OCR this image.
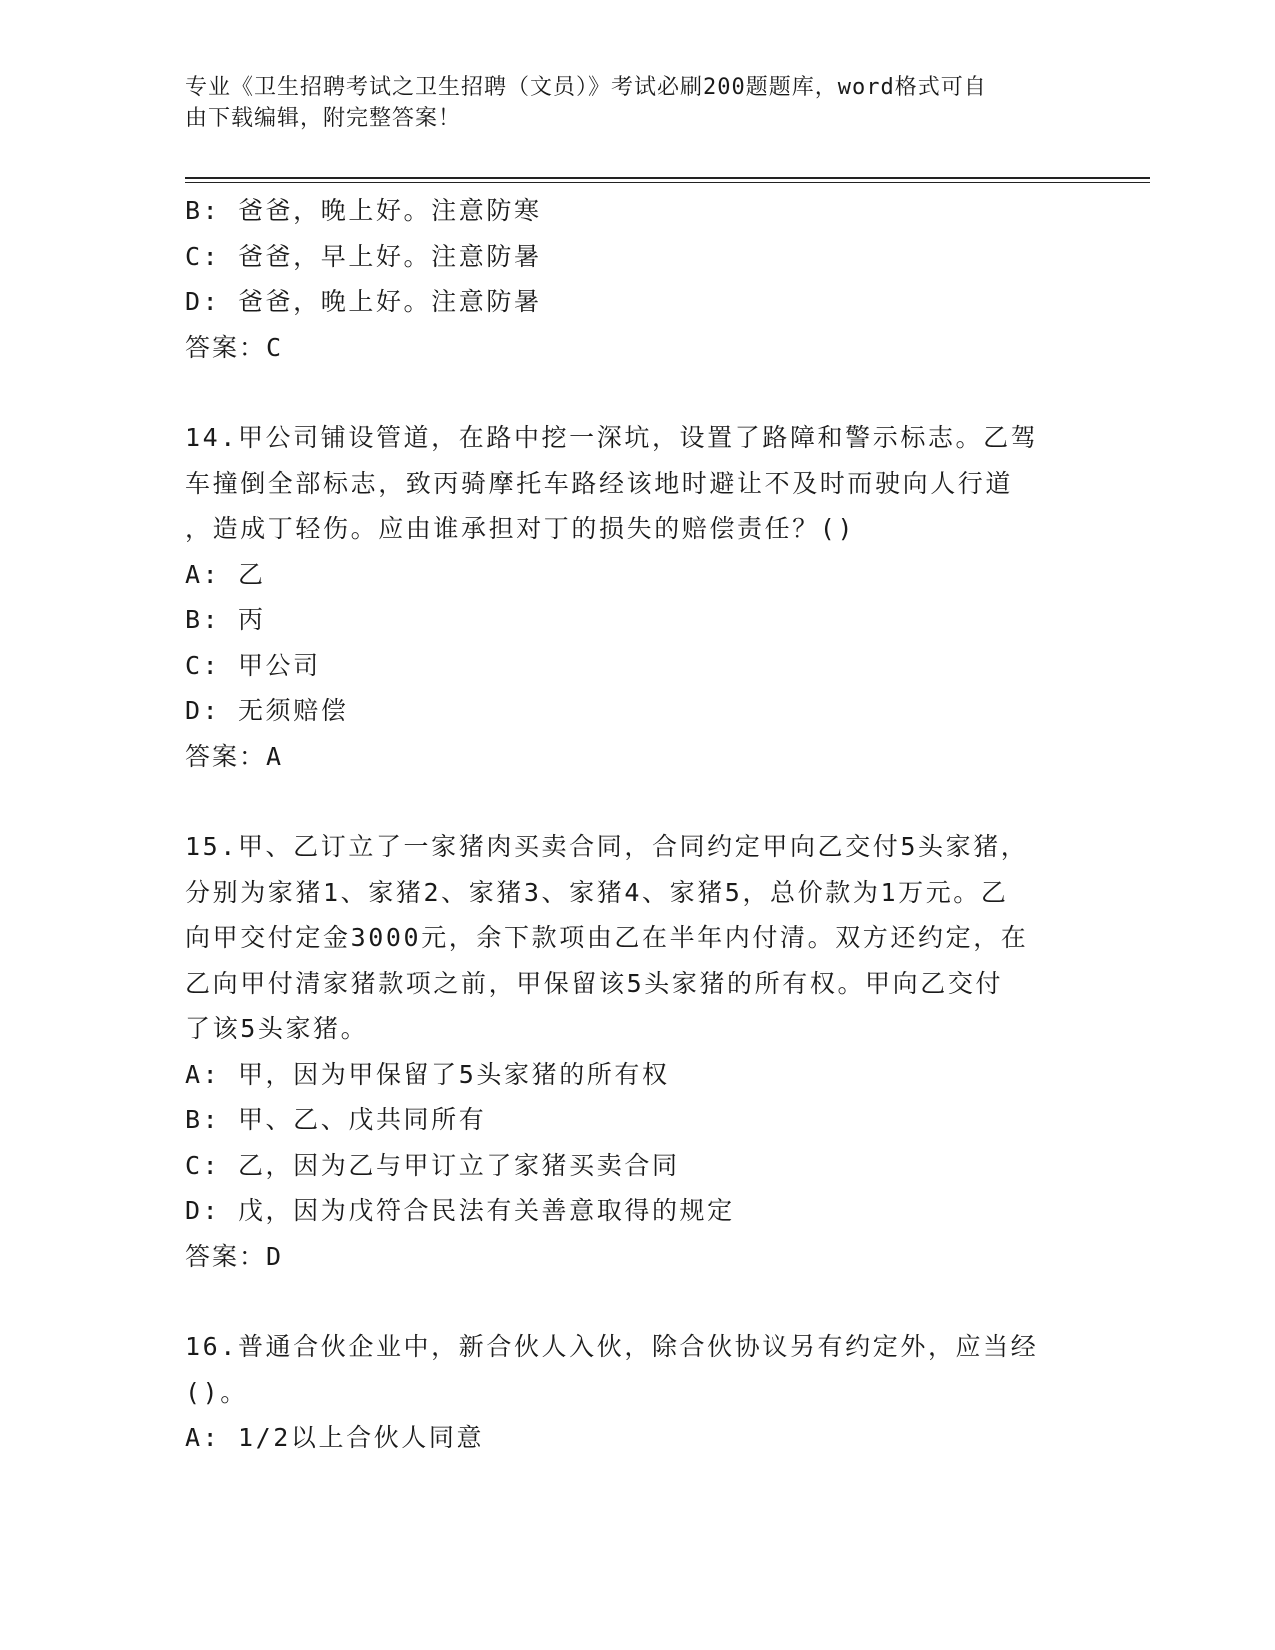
专业《卫生招聘考试之卫生招聘（文员）》考试必刷200题题库，word格式可自
由下载编辑，附完整答案！
B: 爸爸，晚上好。注意防寒
C: 爸爸，早上好。注意防暑
D: 爸爸，晚上好。注意防暑
答案：C
14.甲公司铺设管道，在路中挖一深坑，设置了路障和警示标志。乙驾
车撞倒全部标志，致丙骑摩托车路经该地时避让不及时而驶向人行道
，造成丁轻伤。应由谁承担对丁的损失的赔偿责任？()
A: 乙
B: 丙
C: 甲公司
D: 无须赔偿
答案：A
15.甲、乙订立了一家猪肉买卖合同，合同约定甲向乙交付5头家猪，
分别为家猪1、家猪2、家猪3、家猪4、家猪5，总价款为1万元。乙
向甲交付定金3000元，余下款项由乙在半年内付清。双方还约定，在
乙向甲付清家猪款项之前，甲保留该5头家猪的所有权。甲向乙交付
了该5头家猪。
A: 甲，因为甲保留了5头家猪的所有权
B: 甲、乙、戊共同所有
C: 乙，因为乙与甲订立了家猪买卖合同
D: 戊，因为戊符合民法有关善意取得的规定
答案：D
16.普通合伙企业中，新合伙人入伙，除合伙协议另有约定外，应当经
()。
A: 1/2以上合伙人同意
